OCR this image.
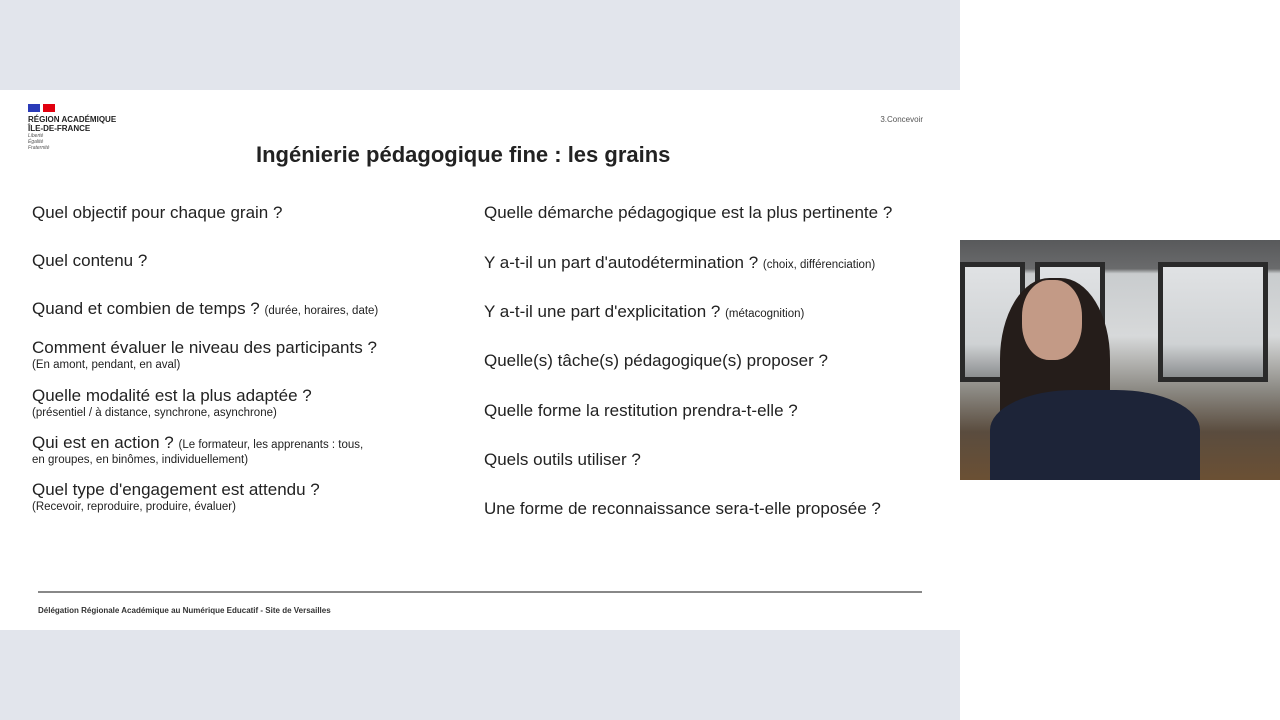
RÉGION ACADÉMIQUE
ÎLE-DE-FRANCE
Liberté
Égalité
Fraternité
3.Concevoir
Ingénierie pédagogique fine : les grains
Quel objectif pour chaque grain ?
Quel contenu ?
Quand et combien de temps ? (durée, horaires, date)
Comment évaluer le niveau des participants ?
(En amont, pendant, en aval)
Quelle modalité est la plus adaptée ?
(présentiel / à distance, synchrone, asynchrone)
Qui est en action ? (Le formateur, les apprenants : tous,
en groupes, en binômes, individuellement)
Quel type d'engagement est attendu ?
(Recevoir, reproduire, produire, évaluer)
Quelle démarche pédagogique est la plus pertinente ?
Y a-t-il un part d'autodétermination ? (choix, différenciation)
Y a-t-il une part d'explicitation ? (métacognition)
Quelle(s) tâche(s) pédagogique(s) proposer ?
Quelle forme la restitution prendra-t-elle ?
Quels outils utiliser ?
Une forme de reconnaissance sera-t-elle proposée ?
Délégation Régionale Académique au Numérique Educatif - Site de Versailles
